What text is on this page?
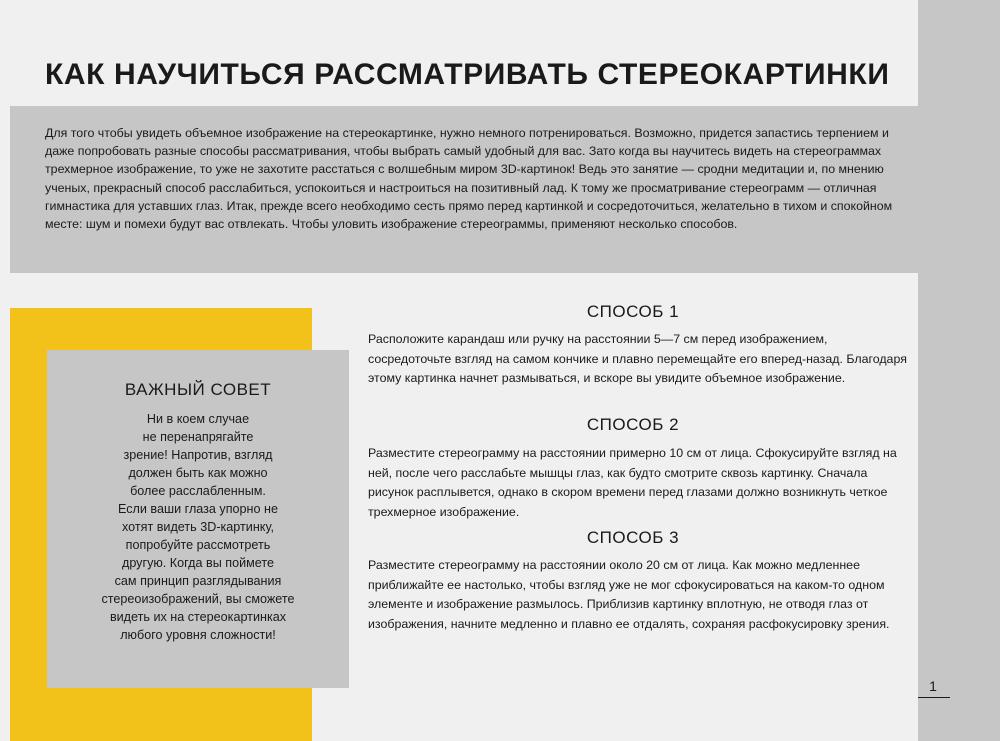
1
КАК НАУЧИТЬСЯ РАССМАТРИВАТЬ СТЕРЕОКАРТИНКИ

Для того чтобы увидеть объемное изображение на стереокартинке, нужно немного потренироваться. Возможно, придется запастись терпением и даже попробовать разные способы рассматривания, чтобы выбрать самый удобный для вас. Зато когда вы научитесь видеть на стереограммах трехмерное изображение, то уже не захотите расстаться с волшебным миром 3D-картинок! Ведь это занятие — сродни медитации и, по мнению ученых, прекрасный способ расслабиться, успокоиться и настроиться на позитивный лад. К тому же просматривание стереограмм — отличная гимнастика для уставших глаз. Итак, прежде всего необходимо сесть прямо перед картинкой и сосредоточиться, желательно в тихом и спокойном месте: шум и помехи будут вас отвлекать. Чтобы уловить изображение стереограммы, применяют несколько способов.

ВАЖНЫЙ СОВЕТ
Ни в коем случае
не перенапрягайте
зрение! Напротив, взгляд
должен быть как можно
более расслабленным.
Если ваши глаза упорно не
хотят видеть 3D-картинку,
попробуйте рассмотреть
другую. Когда вы поймете
сам принцип разглядывания
стереоизображений, вы сможете
видеть их на стереокартинках
любого уровня сложности!
СПОСОБ 1

Расположите карандаш или ручку на расстоянии 5—7 см перед изображением, сосредоточьте взгляд на самом кончике и плавно перемещайте его вперед-назад. Благодаря этому картинка начнет размываться, и вскоре вы увидите объемное изображение.

СПОСОБ 2

Разместите стереограмму на расстоянии примерно 10 см от лица. Сфокусируйте взгляд на ней, после чего расслабьте мышцы глаз, как будто смотрите сквозь картинку. Сначала рисунок расплывется, однако в скором времени перед глазами должно возникнуть четкое трехмерное изображение.

СПОСОБ 3

Разместите стереограмму на расстоянии около 20 см от лица. Как можно медленнее приближайте ее настолько, чтобы взгляд уже не мог сфокусироваться на каком-то одном элементе и изображение размылось. Приблизив картинку вплотную, не отводя глаз от изображения, начните медленно и плавно ее отдалять, сохраняя расфокусировку зрения.
